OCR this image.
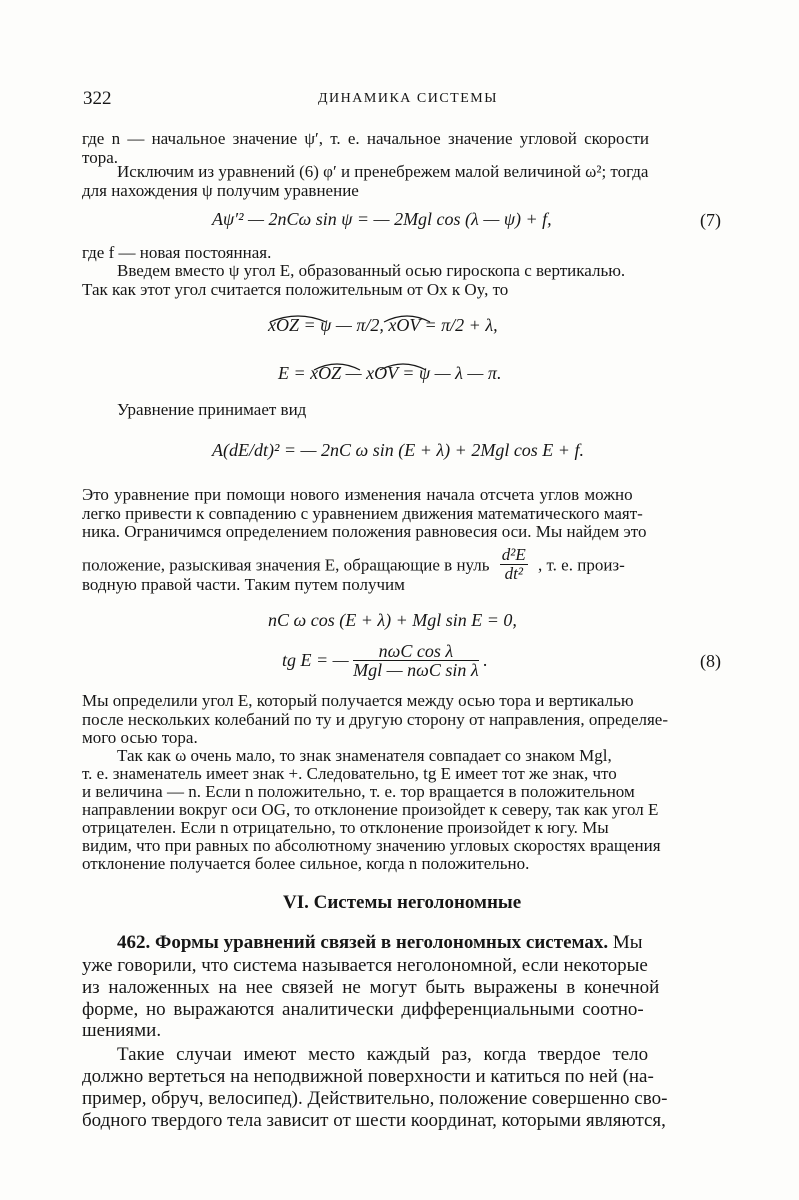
322	ДИНАМИКА СИСТЕМЫ
где n — начальное значение ψ′, т. е. начальное значение угловой скорости
тора.
Исключим из уравнений (6) φ′ и пренебрежем малой величиной ω²; тогда
для нахождения ψ получим уравнение
Aψ′² — 2nCω sin ψ = — 2Mgl cos (λ — ψ) + f,	(7)
где f — новая постоянная.
Введем вместо ψ угол E, образованный осью гироскопа с вертикалью.
Так как этот угол считается положительным от Ox к Oy, то
xOZ = ψ — π/2, xOV = π/2 + λ,
E = xOZ — xOV = ψ — λ — π.
Уравнение принимает вид
A(dE/dt)² = — 2nC ω sin (E + λ) + 2Mgl cos E + f.
Это уравнение при помощи нового изменения начала отсчета углов можно
легко привести к совпадению с уравнением движения математического маят-
ника. Ограничимся определением положения равновесия оси. Мы найдем это
положение, разыскивая значения E, обращающие в нуль $\frac{\text{d²E}}{\text{dt²}}$ , т. е. произ-
водную правой части. Таким путем получим
nC ω cos (E + λ) + Mgl sin E = 0,
tg E = — $\frac{\text{nωC cos λ}}{\text{Mgl — nωC sin λ}}$ .	(8)
Мы определили угол E, который получается между осью тора и вертикалью
после нескольких колебаний по ту и другую сторону от направления, определяе-
мого осью тора.
Так как ω очень мало, то знак знаменателя совпадает со знаком Mgl,
т. е. знаменатель имеет знак +. Следовательно, tg E имеет тот же знак, что
и величина — n. Если n положительно, т. е. тор вращается в положительном
направлении вокруг оси OG, то отклонение произойдет к северу, так как угол E
отрицателен. Если n отрицательно, то отклонение произойдет к югу. Мы
видим, что при равных по абсолютному значению угловых скоростях вращения
отклонение получается более сильное, когда n положительно.
VI. Системы неголономные
462. Формы уравнений связей в неголономных системах. Мы
уже говорили, что система называется неголономной, если некоторые
из наложенных на нее связей не могут быть выражены в конечной
форме, но выражаются аналитически дифференциальными соотно-
шениями.
Такие случаи имеют место каждый раз, когда твердое тело
должно вертеться на неподвижной поверхности и катиться по ней (на-
пример, обруч, велосипед). Действительно, положение совершенно сво-
бодного твердого тела зависит от шести координат, которыми являются,
